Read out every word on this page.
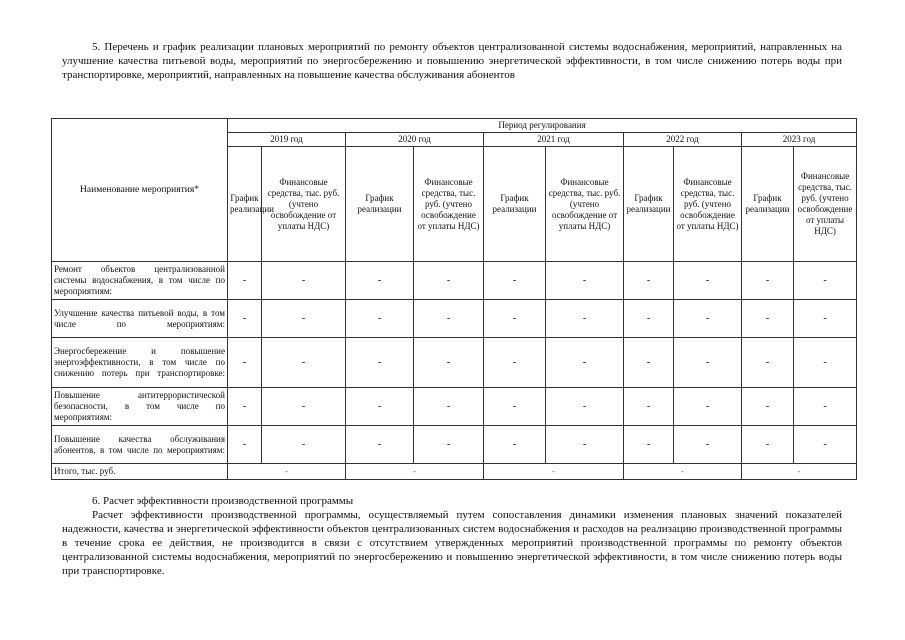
5. Перечень и график реализации плановых мероприятий по ремонту объектов централизованной системы водоснабжения, мероприятий, направленных на улучшение качества питьевой воды, мероприятий по энергосбережению и повышению энергетической эффективности, в том числе снижению потерь воды при транспортировке, мероприятий, направленных на повышение качества обслуживания абонентов

Наименование мероприятия*	Период регулирования									
	2019 год		2020 год		2021 год		2022 год		2023 год	
	График реализации	Финансовые средства, тыс. руб. (учтено освобождение от уплаты НДС)	График реализации	Финансовые средства, тыс. руб. (учтено освобождение от уплаты НДС)	График реализации	Финансовые средства, тыс. руб. (учтено освобождение от уплаты НДС)	График реализации	Финансовые средства, тыс. руб. (учтено освобождение от уплаты НДС)	График реализации	Финансовые средства, тыс. руб. (учтено освобождение от уплаты НДС)
Ремонт объектов централизованной системы водоснабжения, в том числе по мероприятиям:	-	-	-	-	-	-	-	-	-	-
Улучшение качества питьевой воды, в том числе по мероприятиям:	-	-	-	-	-	-	-	-	-	-
Энергосбережение и повышение энергоэффективности, в том числе по снижению потерь при транспортировке:	-	-	-	-	-	-	-	-	-	-
Повышение антитеррористической безопасности, в том числе по мероприятиям:	-	-	-	-	-	-	-	-	-	-
Повышение качества обслуживания абонентов, в том числе по мероприятиям:	-	-	-	-	-	-	-	-	-	-
Итого, тыс. руб.	-		-		-		-		-	

6. Расчет эффективности производственной программы

Расчет эффективности производственной программы, осуществляемый путем сопоставления динамики изменения плановых значений показателей надежности, качества и энергетической эффективности объектов централизованных систем водоснабжения и расходов на реализацию производственной программы в течение срока ее действия, не производится в связи с отсутствием утвержденных мероприятий производственной программы по ремонту объектов централизованной системы водоснабжения, мероприятий по энергосбережению и повышению энергетической эффективности, в том числе снижению потерь воды при транспортировке.
